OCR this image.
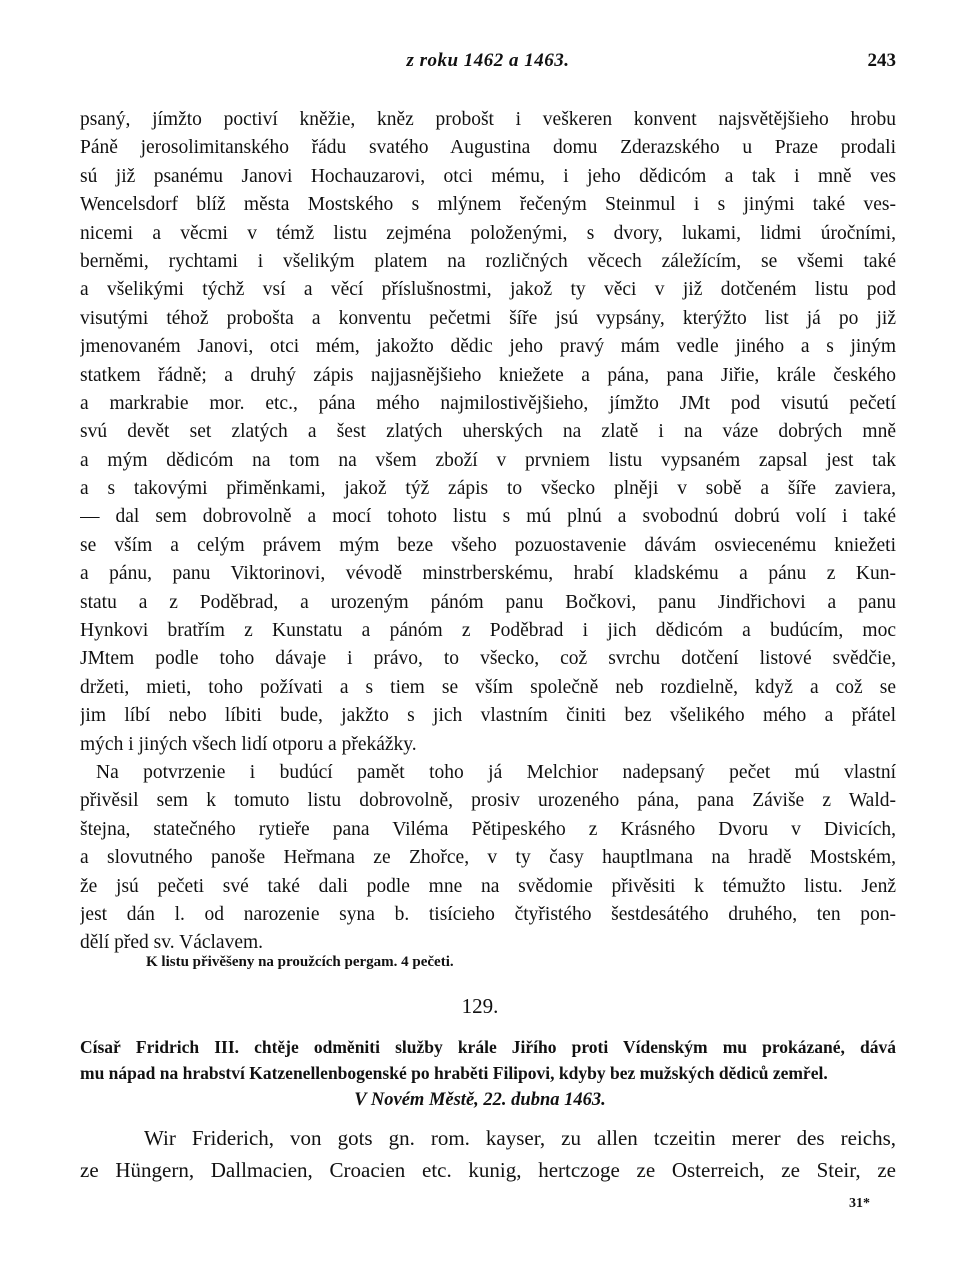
z roku 1462 a 1463.	243
psaný, jímžto poctiví kněžie, kněz probošt i veškeren konvent najsvětějšieho hrobu
Páně jerosolimitanského řádu svatého Augustina domu Zderazského u Praze prodali
sú již psanému Janovi Hochauzarovi, otci mému, i jeho dědicóm a tak i mně ves
Wencelsdorf blíž města Mostského s mlýnem řečeným Steinmul i s jinými také ves-
nicemi a věcmi v témž listu zejména položenými, s dvory, lukami, lidmi úročními,
berněmi, rychtami i všelikým platem na rozličných věcech záležícím, se všemi také
a všelikými týchž vsí a věcí příslušnostmi, jakož ty věci v již dotčeném listu pod
visutými téhož probošta a konventu pečetmi šíře jsú vypsány, kterýžto list já po již
jmenovaném Janovi, otci mém, jakožto dědic jeho pravý mám vedle jiného a s jiným
statkem řádně; a druhý zápis najjasnějšieho kniežete a pána, pana Jiřie, krále českého
a markrabie mor. etc., pána mého najmilostivějšieho, jímžto JMt pod visutú pečetí
svú devět set zlatých a šest zlatých uherských na zlatě i na váze dobrých mně
a mým dědicóm na tom na všem zboží v prvniem listu vypsaném zapsal jest tak
a s takovými přiměnkami, jakož týž zápis to všecko plněji v sobě a šíře zaviera,
— dal sem dobrovolně a mocí tohoto listu s mú plnú a svobodnú dobrú volí i také
se vším a celým právem mým beze všeho pozuostavenie dávám osviecenému kniežeti
a pánu, panu Viktorinovi, vévodě minstrberskému, hrabí kladskému a pánu z Kun-
statu a z Poděbrad, a urozeným pánóm panu Bočkovi, panu Jindřichovi a panu
Hynkovi bratřím z Kunstatu a pánóm z Poděbrad i jich dědicóm a budúcím, moc
JMtem podle toho dávaje i právo, to všecko, což svrchu dotčení listové svědčie,
držeti, mieti, toho požívati a s tiem se vším společně neb rozdielně, když a což se
jim líbí nebo líbiti bude, jakžto s jich vlastním činiti bez všelikého mého a přátel
mých i jiných všech lidí otporu a překážky.
Na potvrzenie i budúcí pamět toho já Melchior nadepsaný pečet mú vlastní
přivěsil sem k tomuto listu dobrovolně, prosiv urozeného pána, pana Záviše z Wald-
štejna, statečného rytieře pana Viléma Pětipeského z Krásného Dvoru v Divicích,
a slovutného panoše Heřmana ze Zhořce, v ty časy hauptlmana na hradě Mostském,
že jsú pečeti své také dali podle mne na svědomie přivěsiti k témužto listu. Jenž
jest dán l. od narozenie syna b. tisícieho čtyřistého šestdesátého druhého, ten pon-
dělí před sv. Václavem.
K listu přivěšeny na proužcích pergam. 4 pečeti.
129.
Císař Fridrich III. chtěje odměniti služby krále Jiřího proti Vídenským mu prokázané, dává
mu nápad na hrabství Katzenellenbogenské po hraběti Filipovi, kdyby bez mužských dědiců zemřel.
V Novém Městě, 22. dubna 1463.
Wir Friderich, von gots gn. rom. kayser, zu allen tczeitin merer des reichs,
ze Hüngern, Dallmacien, Croacien etc. kunig, hertczoge ze Osterreich, ze Steir, ze
31*
